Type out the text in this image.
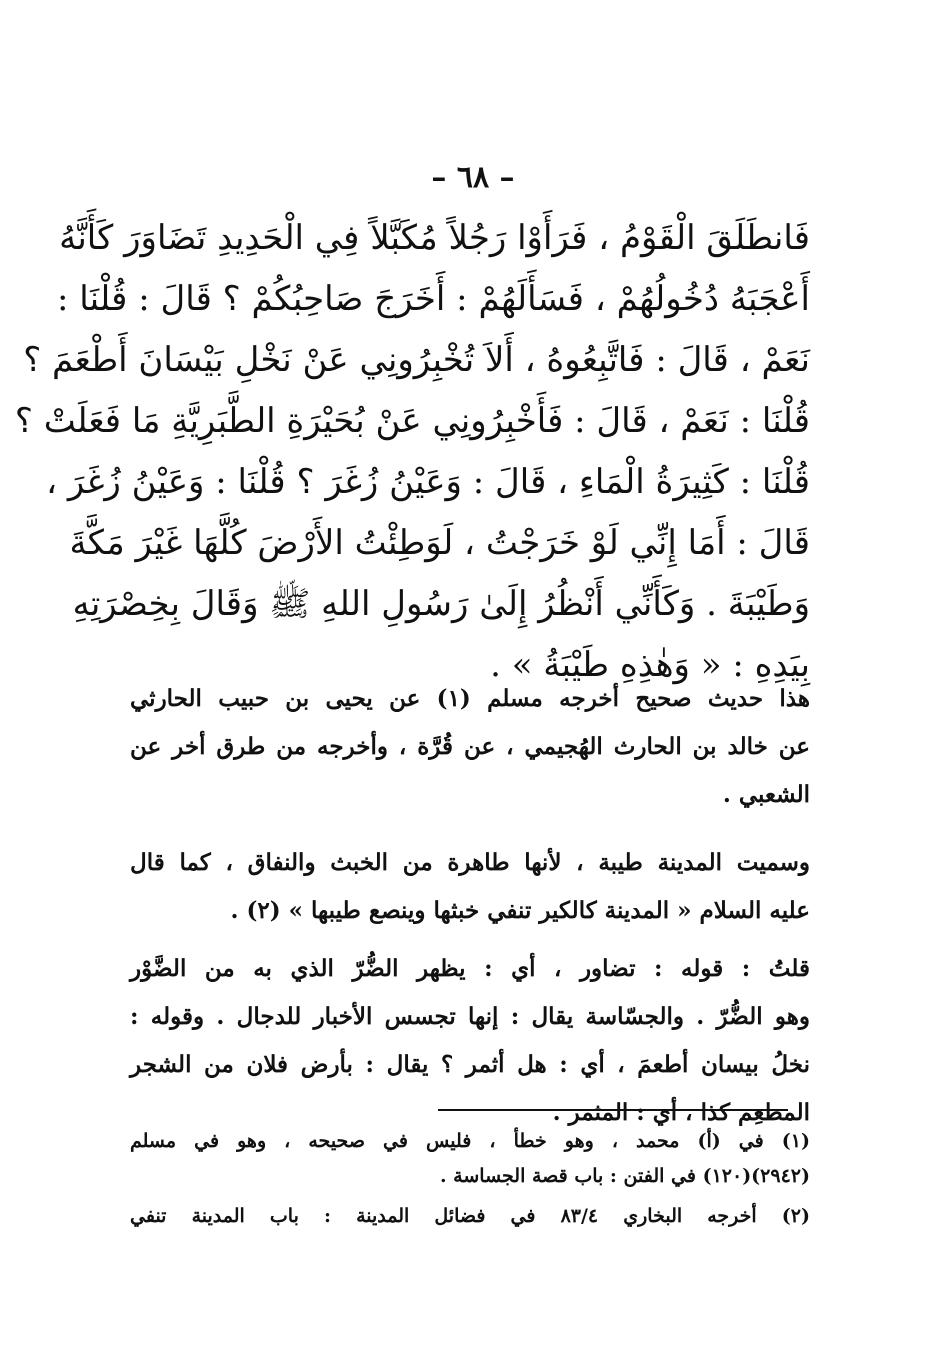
– ٦٨ –
فَانطَلَقَ الْقَوْمُ ، فَرَأَوْا رَجُلاً مُكَبَّلاً فِي الْحَدِيدِ تَضَاوَرَ كَأَنَّهُ
أَعْجَبَهُ دُخُولُهُمْ ، فَسَأَلَهُمْ : أَخَرَجَ صَاحِبُكُمْ ؟ قَالَ : قُلْنَا :
نَعَمْ ، قَالَ : فَاتَّبِعُوهُ ، أَلاَ تُخْبِرُونِي عَنْ نَخْلِ بَيْسَانَ أَطْعَمَ ؟
قُلْنَا : نَعَمْ ، قَالَ : فَأَخْبِرُونِي عَنْ بُحَيْرَةِ الطَّبَرِيَّةِ مَا فَعَلَتْ ؟
قُلْنَا : كَثِيرَةُ الْمَاءِ ، قَالَ : وَعَيْنُ زُغَرَ ؟ قُلْنَا : وَعَيْنُ زُغَرَ ،
قَالَ : أَمَا إِنِّي لَوْ خَرَجْتُ ، لَوَطِئْتُ الأَرْضَ كُلَّهَا غَيْرَ مَكَّةَ
وَطَيْبَةَ . وَكَأَنِّي أَنْظُرُ إِلَىٰ رَسُولِ اللهِ ﷺ وَقَالَ بِخِصْرَتِهِ
بِيَدِهِ : « وَهٰذِهِ طَيْبَةُ » .
هذا حديث صحيح أخرجه مسلم (١) عن يحيى بن حبيب الحارثي
عن خالد بن الحارث الهُجيمي ، عن قُرَّة ، وأخرجه من طرق أخر عن
الشعبي .
وسميت المدينة طيبة ، لأنها طاهرة من الخبث والنفاق ، كما قال
عليه السلام « المدينة كالكير تنفي خبثها وينصع طيبها » (٢) .
قلتُ : قوله : تضاور ، أي : يظهر الضُّرّ الذي به من الضَّوْر
وهو الضُّرّ . والجسّاسة يقال : إنها تجسس الأخبار للدجال . وقوله :
نخلُ بيسان أطعمَ ، أي : هل أثمر ؟ يقال : بأرض فلان من الشجر
المطعِم كذا ، أي : المثمر .
(١) في (أ) محمد ، وهو خطأ ، فليس في صحيحه ، وهو في مسلم
(٢٩٤٢)(١٢٠) في الفتن : باب قصة الجساسة .
(٢) أخرجه البخاري ٨٣/٤ في فضائل المدينة : باب المدينة تنفي
